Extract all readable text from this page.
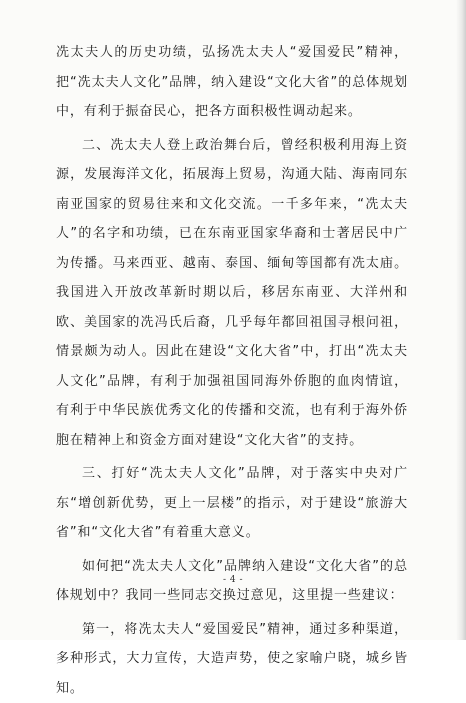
冼太夫人的历史功绩，弘扬冼太夫人“爱国爱民”精神，把“冼太夫人文化”品牌，纳入建设“文化大省”的总体规划中，有利于振奋民心，把各方面积极性调动起来。

二、冼太夫人登上政治舞台后，曾经积极利用海上资源，发展海洋文化，拓展海上贸易，沟通大陆、海南同东南亚国家的贸易往来和文化交流。一千多年来，“冼太夫人”的名字和功绩，已在东南亚国家华裔和士著居民中广为传播。马来西亚、越南、泰国、缅甸等国都有冼太庙。我国进入开放改革新时期以后，移居东南亚、大洋州和欧、美国家的冼冯氏后裔，几乎每年都回祖国寻根问祖，情景颇为动人。因此在建设“文化大省”中，打出“冼太夫人文化”品牌，有利于加强祖国同海外侨胞的血肉情谊，有利于中华民族优秀文化的传播和交流，也有利于海外侨胞在精神上和资金方面对建设“文化大省”的支持。

三、打好“冼太夫人文化”品牌，对于落实中央对广东“增创新优势，更上一层楼”的指示，对于建设“旅游大省”和“文化大省”有着重大意义。

如何把“冼太夫人文化”品牌纳入建设“文化大省”的总体规划中？我同一些同志交换过意见，这里提一些建议：

第一，将冼太夫人“爱国爱民”精神，通过多种渠道，多种形式，大力宣传，大造声势，使之家喻户晓，城乡皆知。

- 4 -
